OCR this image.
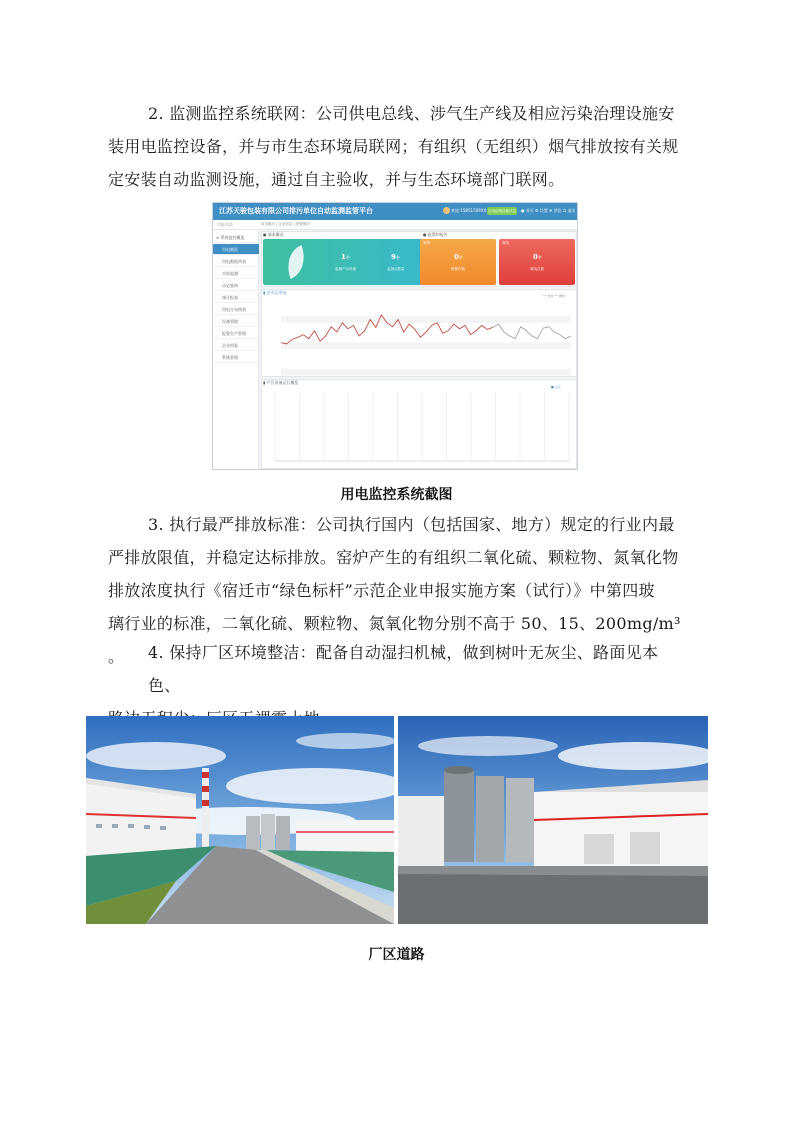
2. 监测监控系统联网：公司供电总线、涉气生产线及相应污染治理设施安
装用电监控设备，并与市生态环境局联网；有组织（无组织）烟气排放按有关规
定安装自动监测设施，通过自主验收，并与生态环境部门联网。
江苏天骏包装有限公司排污单位自动监测监管平台	欢迎:15851509XX 污染治理设施状态 ● 首页 ⚙ 设置 ✉ 消息 ⏻ 退出
功能列表
≡ 系统监控概览
用电概览
用电数据列表
实时监测
历史查询
统计报表
用电分布图表
设备管理
报警生产管理
企业档案
系统管理
用电概况 | 企业信息 | 报警概况
● 基本概况	● 报警和报告
1个
监测产污设施
9个
监测点数量
报警
0个
报警次数
离线
0个
离线次数
▮ 企业总用电
── 今日 ── 昨日
▮ 产污设备运行概览
■ 运行
用电监控系统截图
3. 执行最严排放标准：公司执行国内（包括国家、地方）规定的行业内最
严排放限值，并稳定达标排放。窑炉产生的有组织二氧化硫、颗粒物、氮氧化物
排放浓度执行《宿迁市“绿色标杆”示范企业申报实施方案（试行）》中第四玻
璃行业的标准，二氧化硫、颗粒物、氮氧化物分别不高于 50、15、200mg/m³ 。	4. 保持厂区环境整洁：配备自动湿扫机械，做到树叶无灰尘、路面见本色、
厂区道路
